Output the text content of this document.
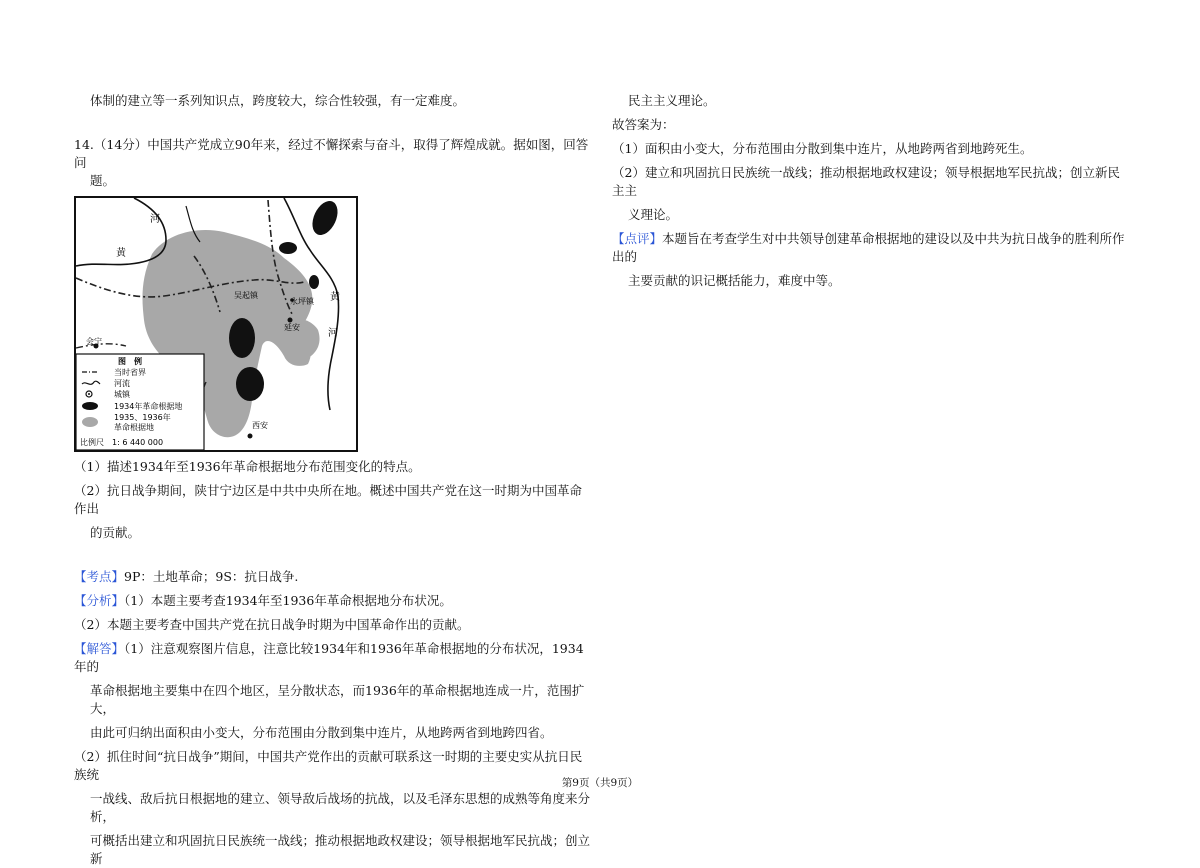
体制的建立等一系列知识点，跨度较大，综合性较强，有一定难度。

14.（14分）中国共产党成立90年来，经过不懈探索与奋斗，取得了辉煌成就。据如图，回答问

题。

河
黄
吴起镇
永坪镇
延安
黄
河
会宁
西安
图　例
当时省界
河流
城镇
1934年革命根据地
1935、1936年
革命根据地
比例尺　1: 6 440 000

（1）描述1934年至1936年革命根据地分布范围变化的特点。

（2）抗日战争期间，陕甘宁边区是中共中央所在地。概述中国共产党在这一时期为中国革命作出

的贡献。

【考点】9P：土地革命；9S：抗日战争.

【分析】（1）本题主要考查1934年至1936年革命根据地分布状况。

（2）本题主要考查中国共产党在抗日战争时期为中国革命作出的贡献。

【解答】（1）注意观察图片信息，注意比较1934年和1936年革命根据地的分布状况，1934年的

革命根据地主要集中在四个地区，呈分散状态，而1936年的革命根据地连成一片，范围扩大，

由此可归纳出面积由小变大，分布范围由分散到集中连片，从地跨两省到地跨四省。

（2）抓住时间“抗日战争”期间，中国共产党作出的贡献可联系这一时期的主要史实从抗日民族统

一战线、敌后抗日根据地的建立、领导敌后战场的抗战，以及毛泽东思想的成熟等角度来分析，

可概括出建立和巩固抗日民族统一战线；推动根据地政权建设；领导根据地军民抗战；创立新

民主主义理论。

故答案为：

（1）面积由小变大，分布范围由分散到集中连片，从地跨两省到地跨死生。

（2）建立和巩固抗日民族统一战线；推动根据地政权建设；领导根据地军民抗战；创立新民主主

义理论。

【点评】本题旨在考查学生对中共领导创建革命根据地的建设以及中共为抗日战争的胜利所作出的

主要贡献的识记概括能力，难度中等。

第9页（共9页）
